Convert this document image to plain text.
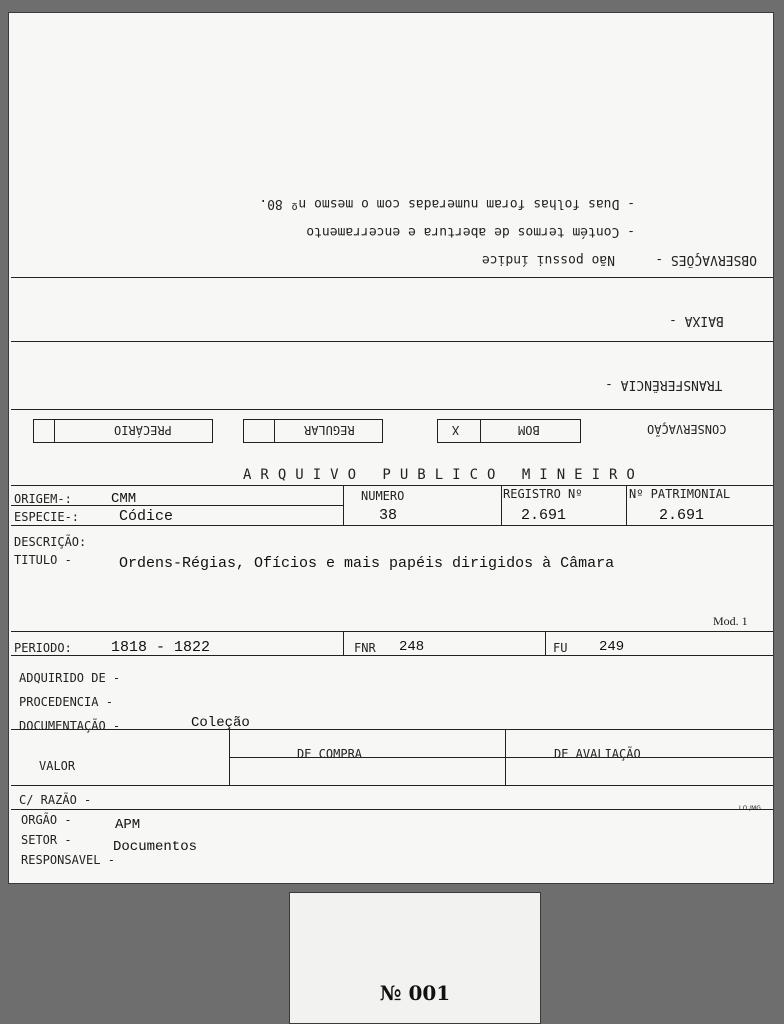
OBSERVAÇÕES -
Não possui índice
- Contém termos de abertura e encerramento
- Duas folhas foram numeradas com o mesmo nº 80.
BAIXA -
TRANSFERÊNCIA -
PRECÁRIO	REGULAR	X	BOM	CONSERVAÇÃO
ARQUIVO PUBLICO MINEIRO
ORIGEM-:	CMM
ESPECIE-:	Códice
NUMERO
38
REGISTRO Nº
2.691
Nº PATRIMONIAL
2.691
DESCRIÇÃO:
TITULO -	Ordens-Régias, Ofícios e mais papéis dirigidos à Câmara
Mod. 1
PERIODO:	1818 - 1822	FNR 248	FU 249
ADQUIRIDO DE -
PROCEDENCIA -
DOCUMENTAÇÃO -	Coleção
VALOR
DE COMPRA	DE AVALIAÇÃO
C/ RAZÃO -
I.O./MG
ORGÃO -	APM
SETOR -	Documentos
RESPONSAVEL -
№ 001
